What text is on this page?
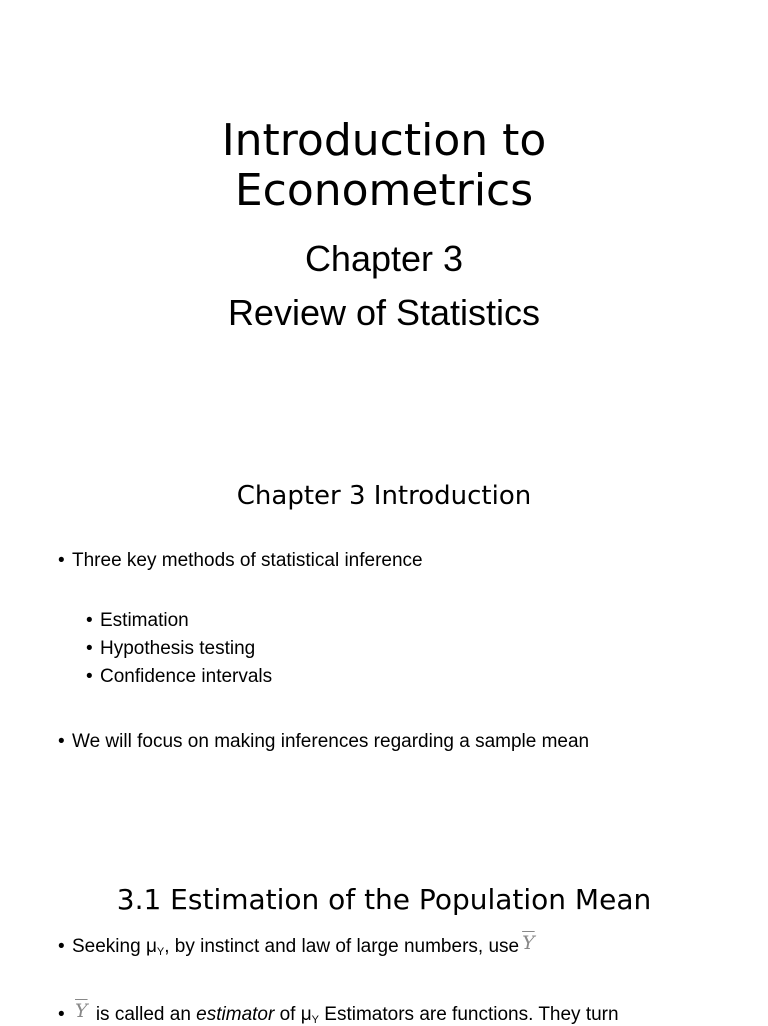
Introduction to
Econometrics
Chapter 3
Review of Statistics
Chapter 3 Introduction
• Three key methods of statistical inference
• Estimation
• Hypothesis testing
• Confidence intervals
• We will focus on making inferences regarding a sample mean
3.1 Estimation of the Population Mean
• Seeking $\mu_Y$, by instinct and law of large numbers, use $\overline{Y}$
• $\overline{Y}$ is called an estimator of $\mu_Y$ Estimators are functions. They turn
